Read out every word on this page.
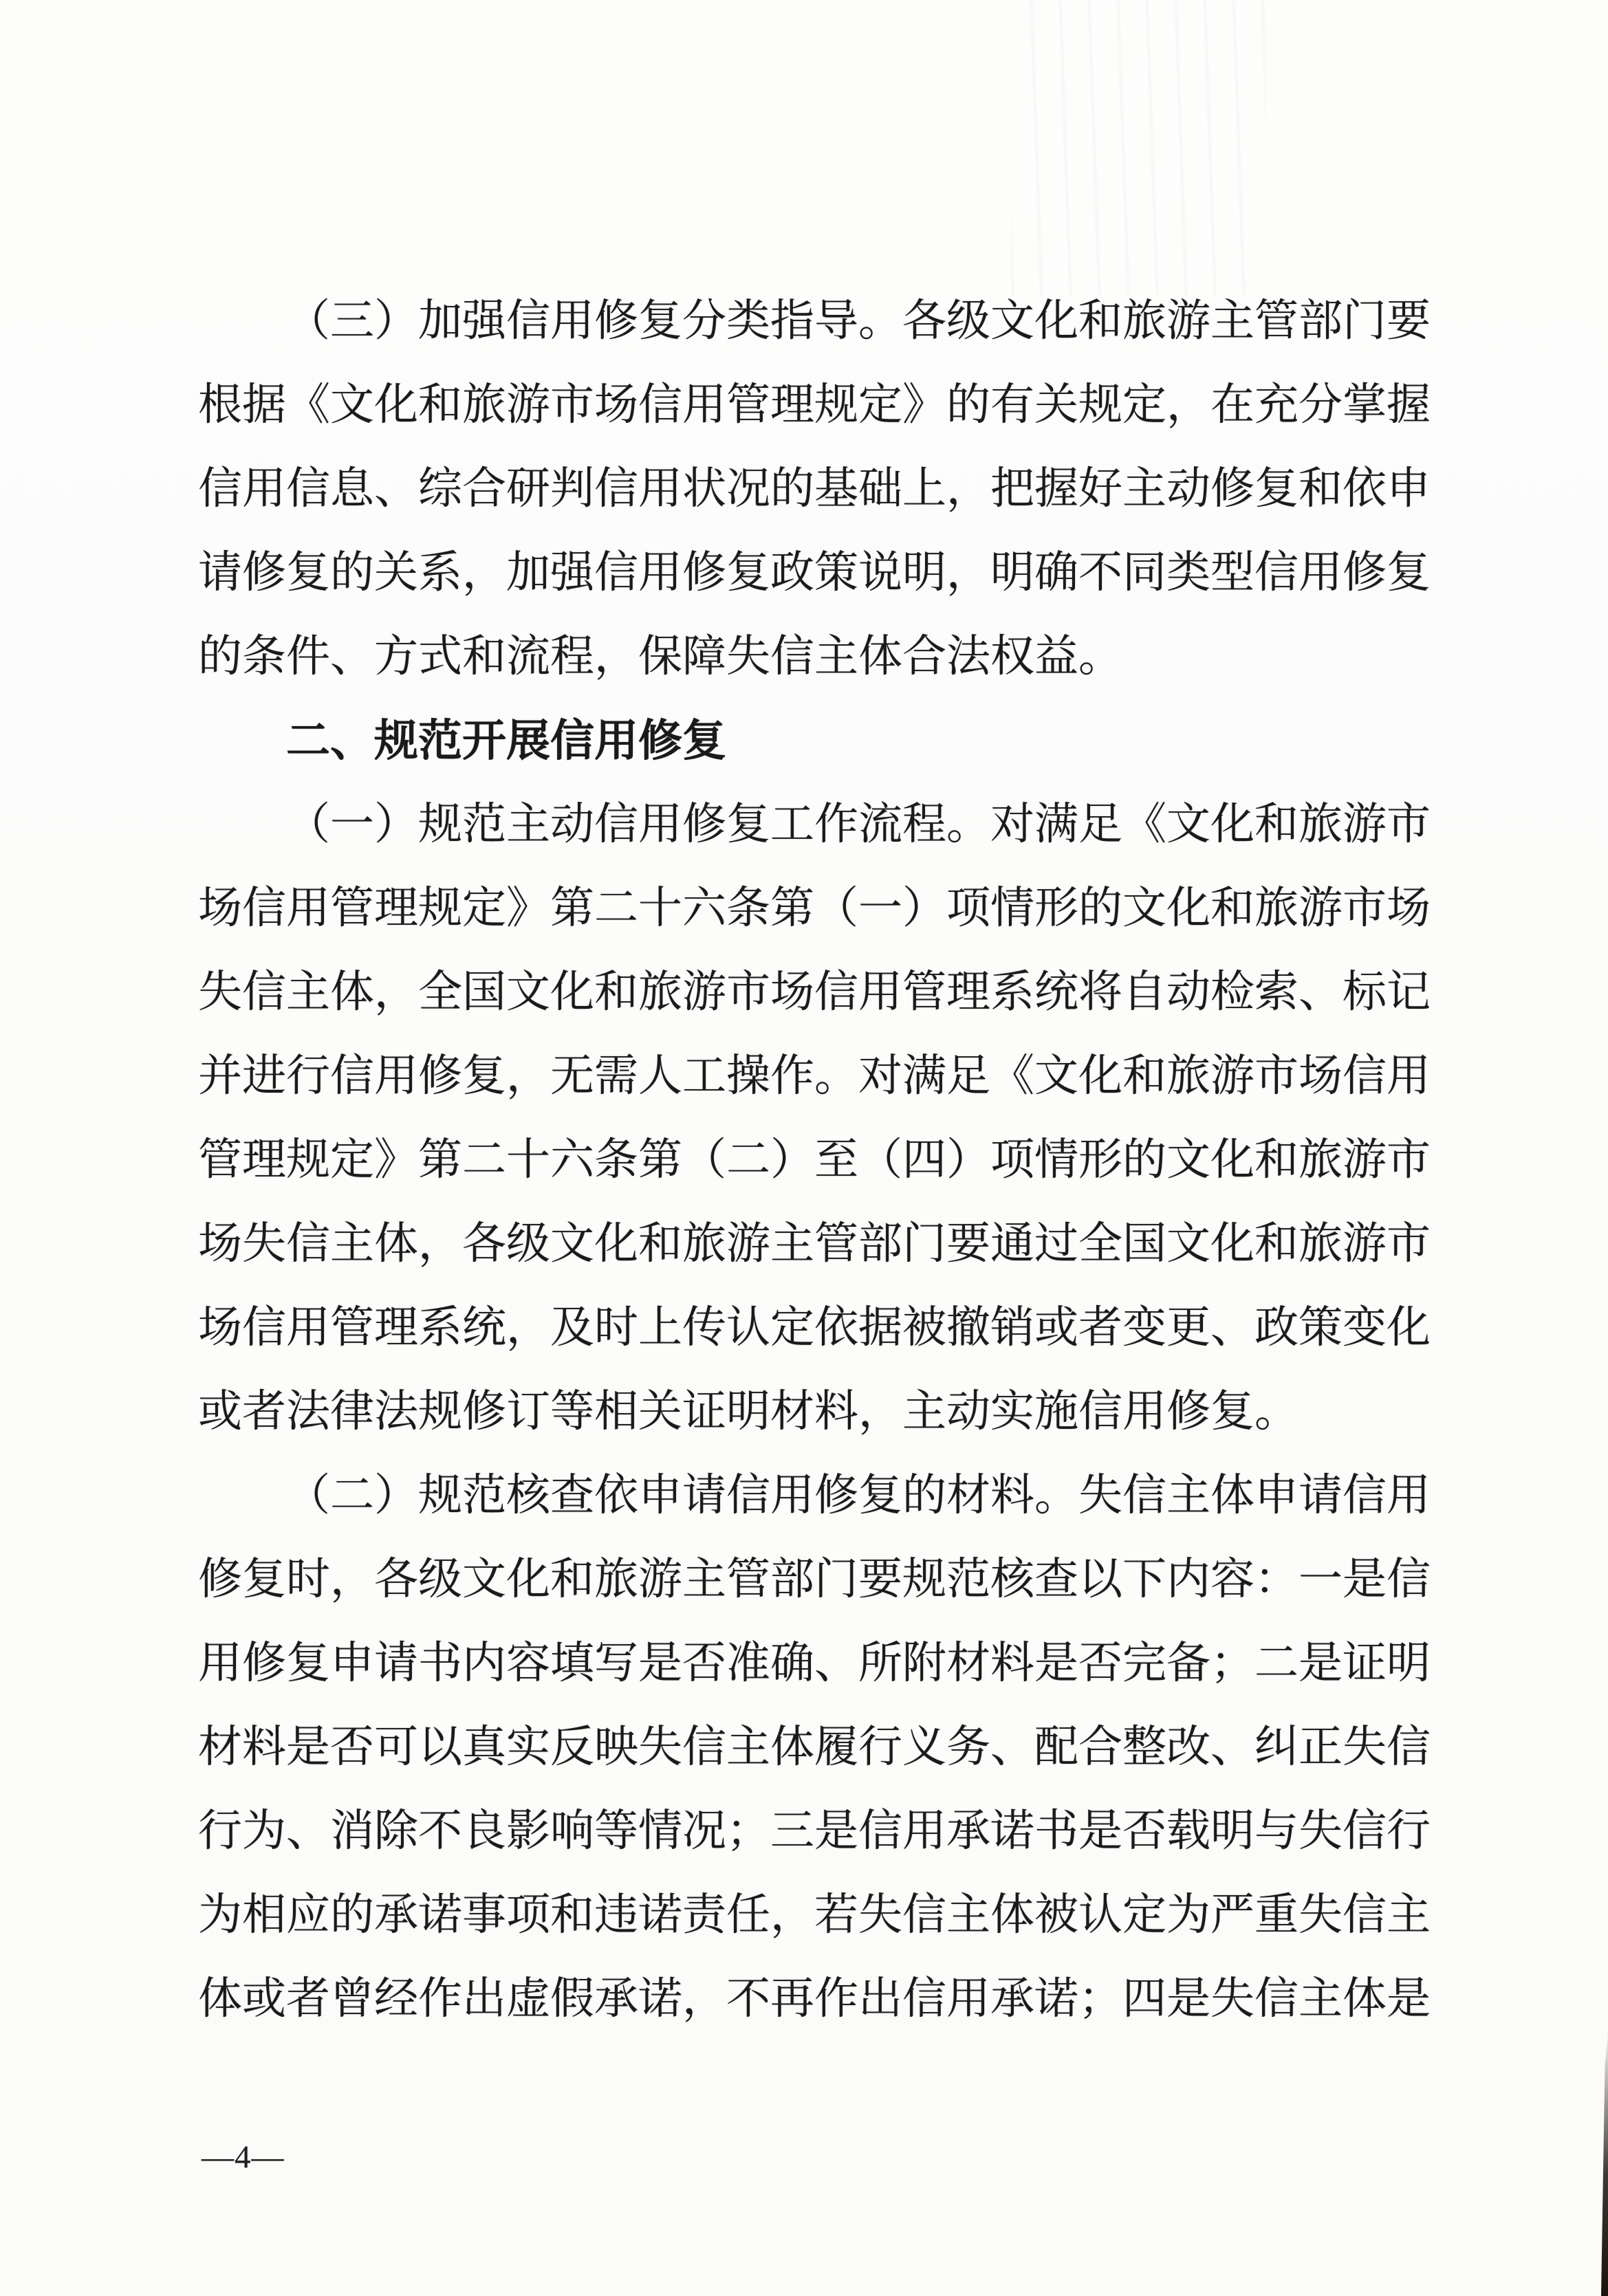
（三）加强信用修复分类指导。各级文化和旅游主管部门要
根据《文化和旅游市场信用管理规定》的有关规定，在充分掌握
信用信息、综合研判信用状况的基础上，把握好主动修复和依申
请修复的关系，加强信用修复政策说明，明确不同类型信用修复
的条件、方式和流程，保障失信主体合法权益。
二、规范开展信用修复
（一）规范主动信用修复工作流程。对满足《文化和旅游市
场信用管理规定》第二十六条第（一）项情形的文化和旅游市场
失信主体，全国文化和旅游市场信用管理系统将自动检索、标记
并进行信用修复，无需人工操作。对满足《文化和旅游市场信用
管理规定》第二十六条第（二）至（四）项情形的文化和旅游市
场失信主体，各级文化和旅游主管部门要通过全国文化和旅游市
场信用管理系统，及时上传认定依据被撤销或者变更、政策变化
或者法律法规修订等相关证明材料，主动实施信用修复。
（二）规范核查依申请信用修复的材料。失信主体申请信用
修复时，各级文化和旅游主管部门要规范核查以下内容：一是信
用修复申请书内容填写是否准确、所附材料是否完备；二是证明
材料是否可以真实反映失信主体履行义务、配合整改、纠正失信
行为、消除不良影响等情况；三是信用承诺书是否载明与失信行
为相应的承诺事项和违诺责任，若失信主体被认定为严重失信主
体或者曾经作出虚假承诺，不再作出信用承诺；四是失信主体是
—4—
